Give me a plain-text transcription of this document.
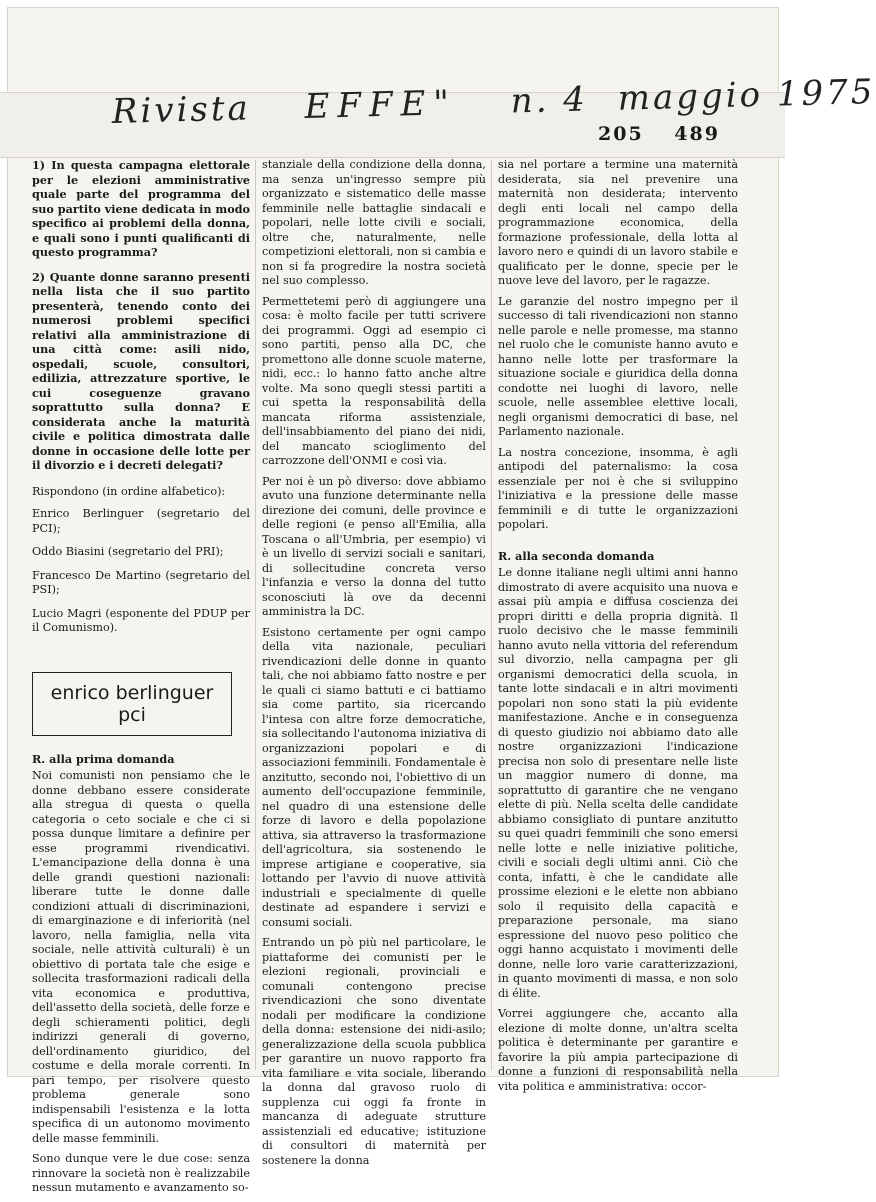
Rivista EFFE" n. 4 maggio 1975
205 489

1) In questa campagna elettorale per le elezioni amministrative quale parte del programma del suo partito viene dedicata in modo specifico ai problemi della donna, e quali sono i punti qualificanti di questo programma?

2) Quante donne saranno presenti nella lista che il suo partito presenterà, tenendo conto dei numerosi problemi specifici relativi alla amministrazione di una città come: asili nido, ospedali, scuole, consultori, edilizia, attrezzature sportive, le cui coseguenze gravano soprattutto sulla donna? E considerata anche la maturità civile e politica dimostrata dalle donne in occasione delle lotte per il divorzio e i decreti delegati?

Rispondono (in ordine alfabetico):

Enrico Berlinguer (segretario del PCI);

Oddo Biasini (segretario del PRI);

Francesco De Martino (segretario del PSI);

Lucio Magri (esponente del PDUP per il Comunismo).

enrico berlinguer
pci

R. alla prima domanda

Noi comunisti non pensiamo che le donne debbano essere considerate alla stregua di questa o quella categoria o ceto sociale e che ci si possa dunque limitare a definire per esse programmi rivendicativi. L'emancipazione della donna è una delle grandi questioni nazionali: liberare tutte le donne dalle condizioni attuali di discriminazioni, di emarginazione e di inferiorità (nel lavoro, nella famiglia, nella vita sociale, nelle attività culturali) è un obiettivo di portata tale che esige e sollecita trasformazioni radicali della vita economica e produttiva, dell'assetto della società, delle forze e degli schieramenti politici, degli indirizzi generali di governo, dell'ordinamento giuridico, del costume e della morale correnti. In pari tempo, per risolvere questo problema generale sono indispensabili l'esistenza e la lotta specifica di un autonomo movimento delle masse femminili.

Sono dunque vere le due cose: senza rinnovare la società non è realizzabile nessun mutamento e avanzamento so-

stanziale della condizione della donna, ma senza un'ingresso sempre più organizzato e sistematico delle masse femminile nelle battaglie sindacali e popolari, nelle lotte civili e sociali, oltre che, naturalmente, nelle competizioni elettorali, non si cambia e non si fa progredire la nostra società nel suo complesso.

Permettetemi però di aggiungere una cosa: è molto facile per tutti scrivere dei programmi. Oggi ad esempio ci sono partiti, penso alla DC, che promettono alle donne scuole materne, nidi, ecc.: lo hanno fatto anche altre volte. Ma sono quegli stessi partiti a cui spetta la responsabilità della mancata riforma assistenziale, dell'insabbiamento del piano dei nidi, del mancato scioglimento del carrozzone dell'ONMI e così via.

Per noi è un pò diverso: dove abbiamo avuto una funzione determinante nella direzione dei comuni, delle province e delle regioni (e penso all'Emilia, alla Toscana o all'Umbria, per esempio) vi è un livello di servizi sociali e sanitari, di sollecitudine concreta verso l'infanzia e verso la donna del tutto sconosciuti là ove da decenni amministra la DC.

Esistono certamente per ogni campo della vita nazionale, peculiari rivendicazioni delle donne in quanto tali, che noi abbiamo fatto nostre e per le quali ci siamo battuti e ci battiamo sia come partito, sia ricercando l'intesa con altre forze democratiche, sia sollecitando l'autonoma iniziativa di organizzazioni popolari e di associazioni femminili. Fondamentale è anzitutto, secondo noi, l'obiettivo di un aumento dell'occupazione femminile, nel quadro di una estensione delle forze di lavoro e della popolazione attiva, sia attraverso la trasformazione dell'agricoltura, sia sostenendo le imprese artigiane e cooperative, sia lottando per l'avvio di nuove attività industriali e specialmente di quelle destinate ad espandere i servizi e consumi sociali.

Entrando un pò più nel particolare, le piattaforme dei comunisti per le elezioni regionali, provinciali e comunali contengono precise rivendicazioni che sono diventate nodali per modificare la condizione della donna: estensione dei nidi-asilo; generalizzazione della scuola pubblica per garantire un nuovo rapporto fra vita familiare e vita sociale, liberando la donna dal gravoso ruolo di supplenza cui oggi fa fronte in mancanza di adeguate strutture assistenziali ed educative; istituzione di consultori di maternità per sostenere la donna

sia nel portare a termine una maternità desiderata, sia nel prevenire una maternità non desiderata; intervento degli enti locali nel campo della programmazione economica, della formazione professionale, della lotta al lavoro nero e quindi di un lavoro stabile e qualificato per le donne, specie per le nuove leve del lavoro, per le ragazze.

Le garanzie del nostro impegno per il successo di tali rivendicazioni non stanno nelle parole e nelle promesse, ma stanno nel ruolo che le comuniste hanno avuto e hanno nelle lotte per trasformare la situazione sociale e giuridica della donna condotte nei luoghi di lavoro, nelle scuole, nelle assemblee elettive locali, negli organismi democratici di base, nel Parlamento nazionale.

La nostra concezione, insomma, è agli antipodi del paternalismo: la cosa essenziale per noi è che si sviluppino l'iniziativa e la pressione delle masse femminili e di tutte le organizzazioni popolari.

R. alla seconda domanda

Le donne italiane negli ultimi anni hanno dimostrato di avere acquisito una nuova e assai più ampia e diffusa coscienza dei propri diritti e della propria dignità. Il ruolo decisivo che le masse femminili hanno avuto nella vittoria del referendum sul divorzio, nella campagna per gli organismi democratici della scuola, in tante lotte sindacali e in altri movimenti popolari non sono stati la più evidente manifestazione. Anche e in conseguenza di questo giudizio noi abbiamo dato alle nostre organizzazioni l'indicazione precisa non solo di presentare nelle liste un maggior numero di donne, ma soprattutto di garantire che ne vengano elette di più. Nella scelta delle candidate abbiamo consigliato di puntare anzitutto su quei quadri femminili che sono emersi nelle lotte e nelle iniziative politiche, civili e sociali degli ultimi anni. Ciò che conta, infatti, è che le candidate alle prossime elezioni e le elette non abbiano solo il requisito della capacità e preparazione personale, ma siano espressione del nuovo peso politico che oggi hanno acquistato i movimenti delle donne, nelle loro varie caratterizzazioni, in quanto movimenti di massa, e non solo di élite.

Vorrei aggiungere che, accanto alla elezione di molte donne, un'altra scelta politica è determinante per garantire e favorire la più ampia partecipazione di donne a funzioni di responsabilità nella vita politica e amministrativa: occor-
